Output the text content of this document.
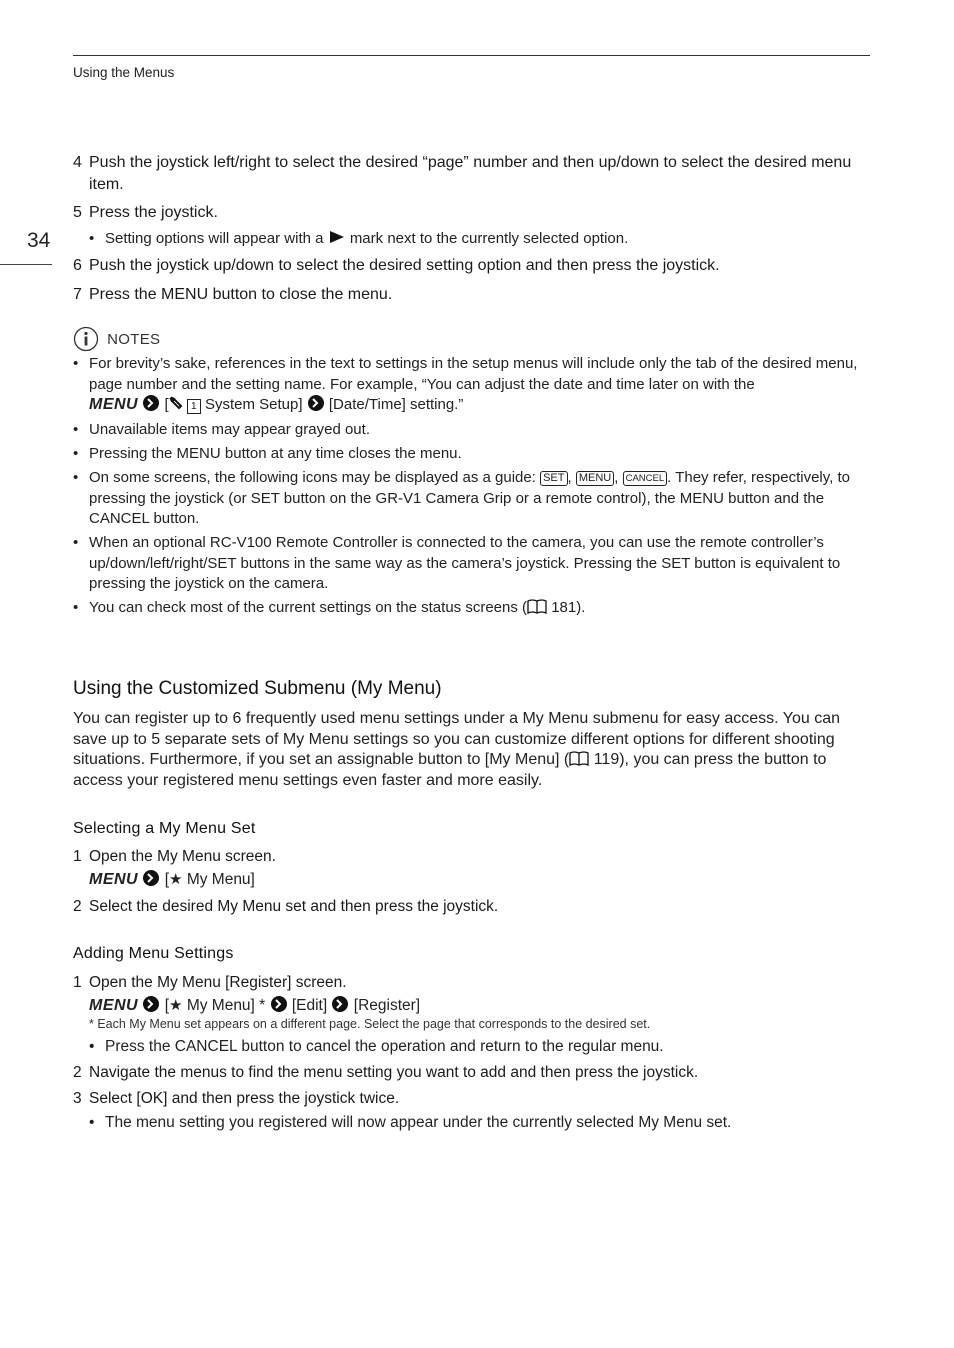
Using the Menus
34
4 Push the joystick left/right to select the desired “page” number and then up/down to select the desired menu item.
5 Press the joystick.
• Setting options will appear with a mark next to the currently selected option.
6 Push the joystick up/down to select the desired setting option and then press the joystick.
7 Press the MENU button to close the menu.
NOTES
• For brevity’s sake, references in the text to settings in the setup menus will include only the tab of the desired menu, page number and the setting name. For example, “You can adjust the date and time later on with the
MENU [ 1 System Setup] [Date/Time] setting.”
• Unavailable items may appear grayed out.
• Pressing the MENU button at any time closes the menu.
• On some screens, the following icons may be displayed as a guide: SET , MENU , CANCEL . They refer, respectively, to pressing the joystick (or SET button on the GR-V1 Camera Grip or a remote control), the MENU button and the CANCEL button.
• When an optional RC-V100 Remote Controller is connected to the camera, you can use the remote controller’s up/down/left/right/SET buttons in the same way as the camera’s joystick. Pressing the SET button is equivalent to pressing the joystick on the camera.
• You can check most of the current settings on the status screens ( 181).
Using the Customized Submenu (My Menu)
You can register up to 6 frequently used menu settings under a My Menu submenu for easy access. You can save up to 5 separate sets of My Menu settings so you can customize different options for different shooting situations. Furthermore, if you set an assignable button to [My Menu] ( 119), you can press the button to access your registered menu settings even faster and more easily.
Selecting a My Menu Set
1 Open the My Menu screen.
MENU [★ My Menu]
2 Select the desired My Menu set and then press the joystick.
Adding Menu Settings
1 Open the My Menu [Register] screen.
MENU [★ My Menu] * [Edit] [Register]
* Each My Menu set appears on a different page. Select the page that corresponds to the desired set.
• Press the CANCEL button to cancel the operation and return to the regular menu.
2 Navigate the menus to find the menu setting you want to add and then press the joystick.
3 Select [OK] and then press the joystick twice.
• The menu setting you registered will now appear under the currently selected My Menu set.
